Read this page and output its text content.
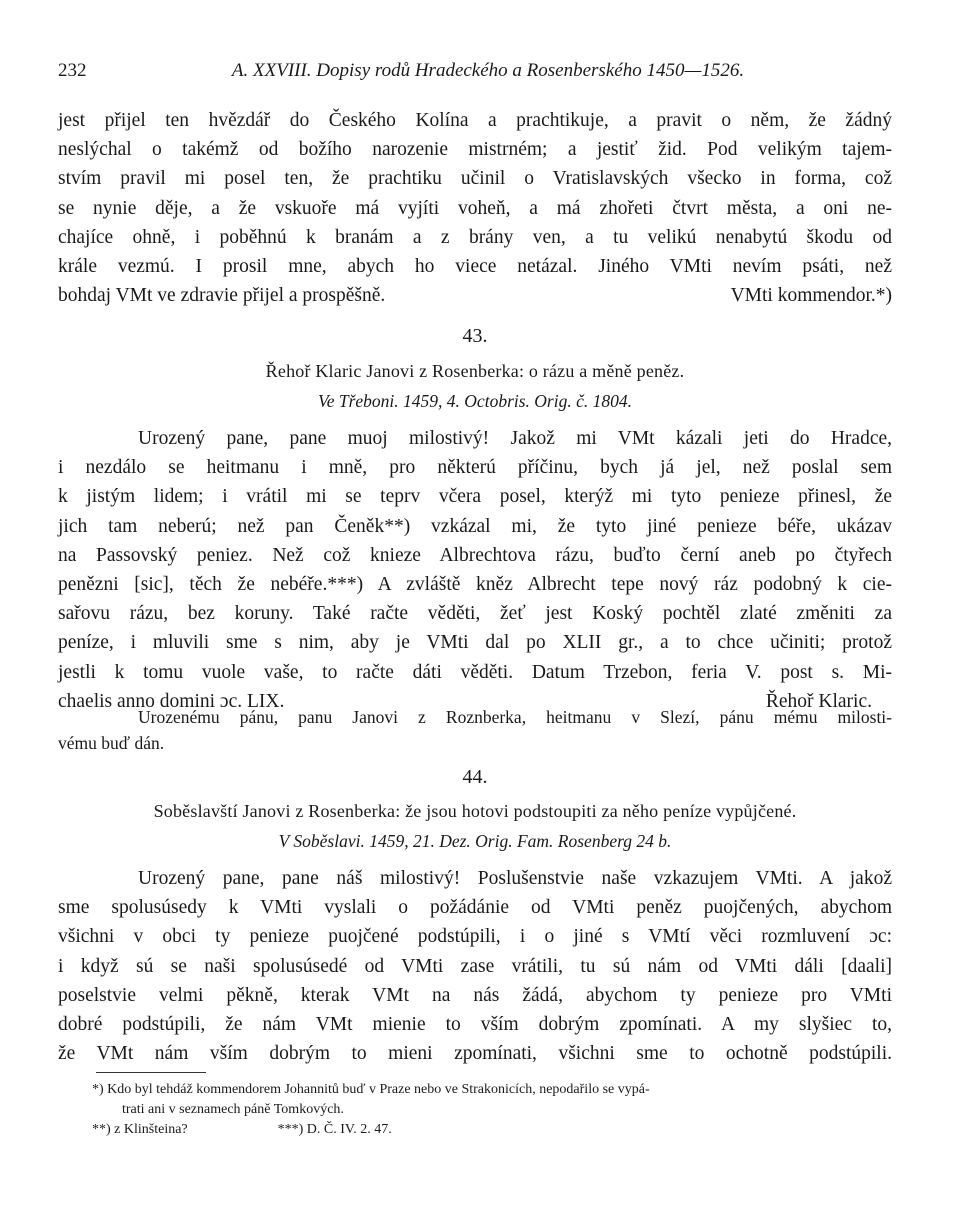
232	A. XXVIII. Dopisy rodů Hradeckého a Rosenberského 1450—1526.
jest přijel ten hvězdář do Českého Kolína a prachtikuje, a pravit o něm, že žádný
neslýchal o takémž od božího narozenie mistrném; a jestiť žid. Pod velikým tajem-
stvím pravil mi posel ten, že prachtiku učinil o Vratislavských všecko in forma, což
se nynie děje, a že vskuoře má vyjíti voheň, a má zhořeti čtvrt města, a oni ne-
chajíce ohně, i poběhnú k branám a z brány ven, a tu velikú nenabytú škodu od
krále vezmú. I prosil mne, abych ho viece netázal. Jiného VMti nevím psáti, než
bohdaj VMt ve zdravie přijel a prospěšně.	VMti kommendor.*)
43.
Řehoř Klaric Janovi z Rosenberka: o rázu a měně peněz.
Ve Třeboni. 1459, 4. Octobris. Orig. č. 1804.
Urozený pane, pane muoj milostivý! Jakož mi VMt kázali jeti do Hradce,
i nezdálo se heitmanu i mně, pro některú příčinu, bych já jel, než poslal sem
k jistým lidem; i vrátil mi se teprv včera posel, kterýž mi tyto penieze přinesl, že
jich tam neberú; než pan Čeněk**) vzkázal mi, že tyto jiné penieze béře, ukázav
na Passovský peniez. Než což knieze Albrechtova rázu, buďto černí aneb po čtyřech
penězni [sic], těch že nebéře.***) A zvláště kněz Albrecht tepe nový ráz podobný k cie-
sařovu rázu, bez koruny. Také račte věděti, žeť jest Koský pochtěl zlaté změniti za
peníze, i mluvili sme s nim, aby je VMti dal po XLII gr., a to chce učiniti; protož
jestli k tomu vuole vaše, to račte dáti věděti. Datum Trzebon, feria V. post s. Mi-
chaelis anno domini ɔc. LIX.	Řehoř Klaric.
Urozenému pánu, panu Janovi z Roznberka, heitmanu v Slezí, pánu mému milosti-
vému buď dán.
44.
Soběslavští Janovi z Rosenberka: že jsou hotovi podstoupiti za něho peníze vypůjčené.
V Soběslavi. 1459, 21. Dez. Orig. Fam. Rosenberg 24 b.
Urozený pane, pane náš milostivý! Poslušenstvie naše vzkazujem VMti. A jakož
sme spolusúsedy k VMti vyslali o požádánie od VMti peněz puojčených, abychom
všichni v obci ty penieze puojčené podstúpili, i o jiné s VMtí věci rozmluvení ɔc:
i když sú se naši spolusúsedé od VMti zase vrátili, tu sú nám od VMti dáli [daali]
poselstvie velmi pěkně, kterak VMt na nás žádá, abychom ty penieze pro VMti
dobré podstúpili, že nám VMt mienie to vším dobrým zpomínati. A my slyšiec to,
že VMt nám vším dobrým to mieni zpomínati, všichni sme to ochotně podstúpili.
*) Kdo byl tehdáž kommendorem Johannitů buď v Praze nebo ve Strakonicích, nepodařilo se vypá-
trati ani v seznamech páně Tomkových.
**) z Klinšteina?	***) D. Č. IV. 2. 47.
